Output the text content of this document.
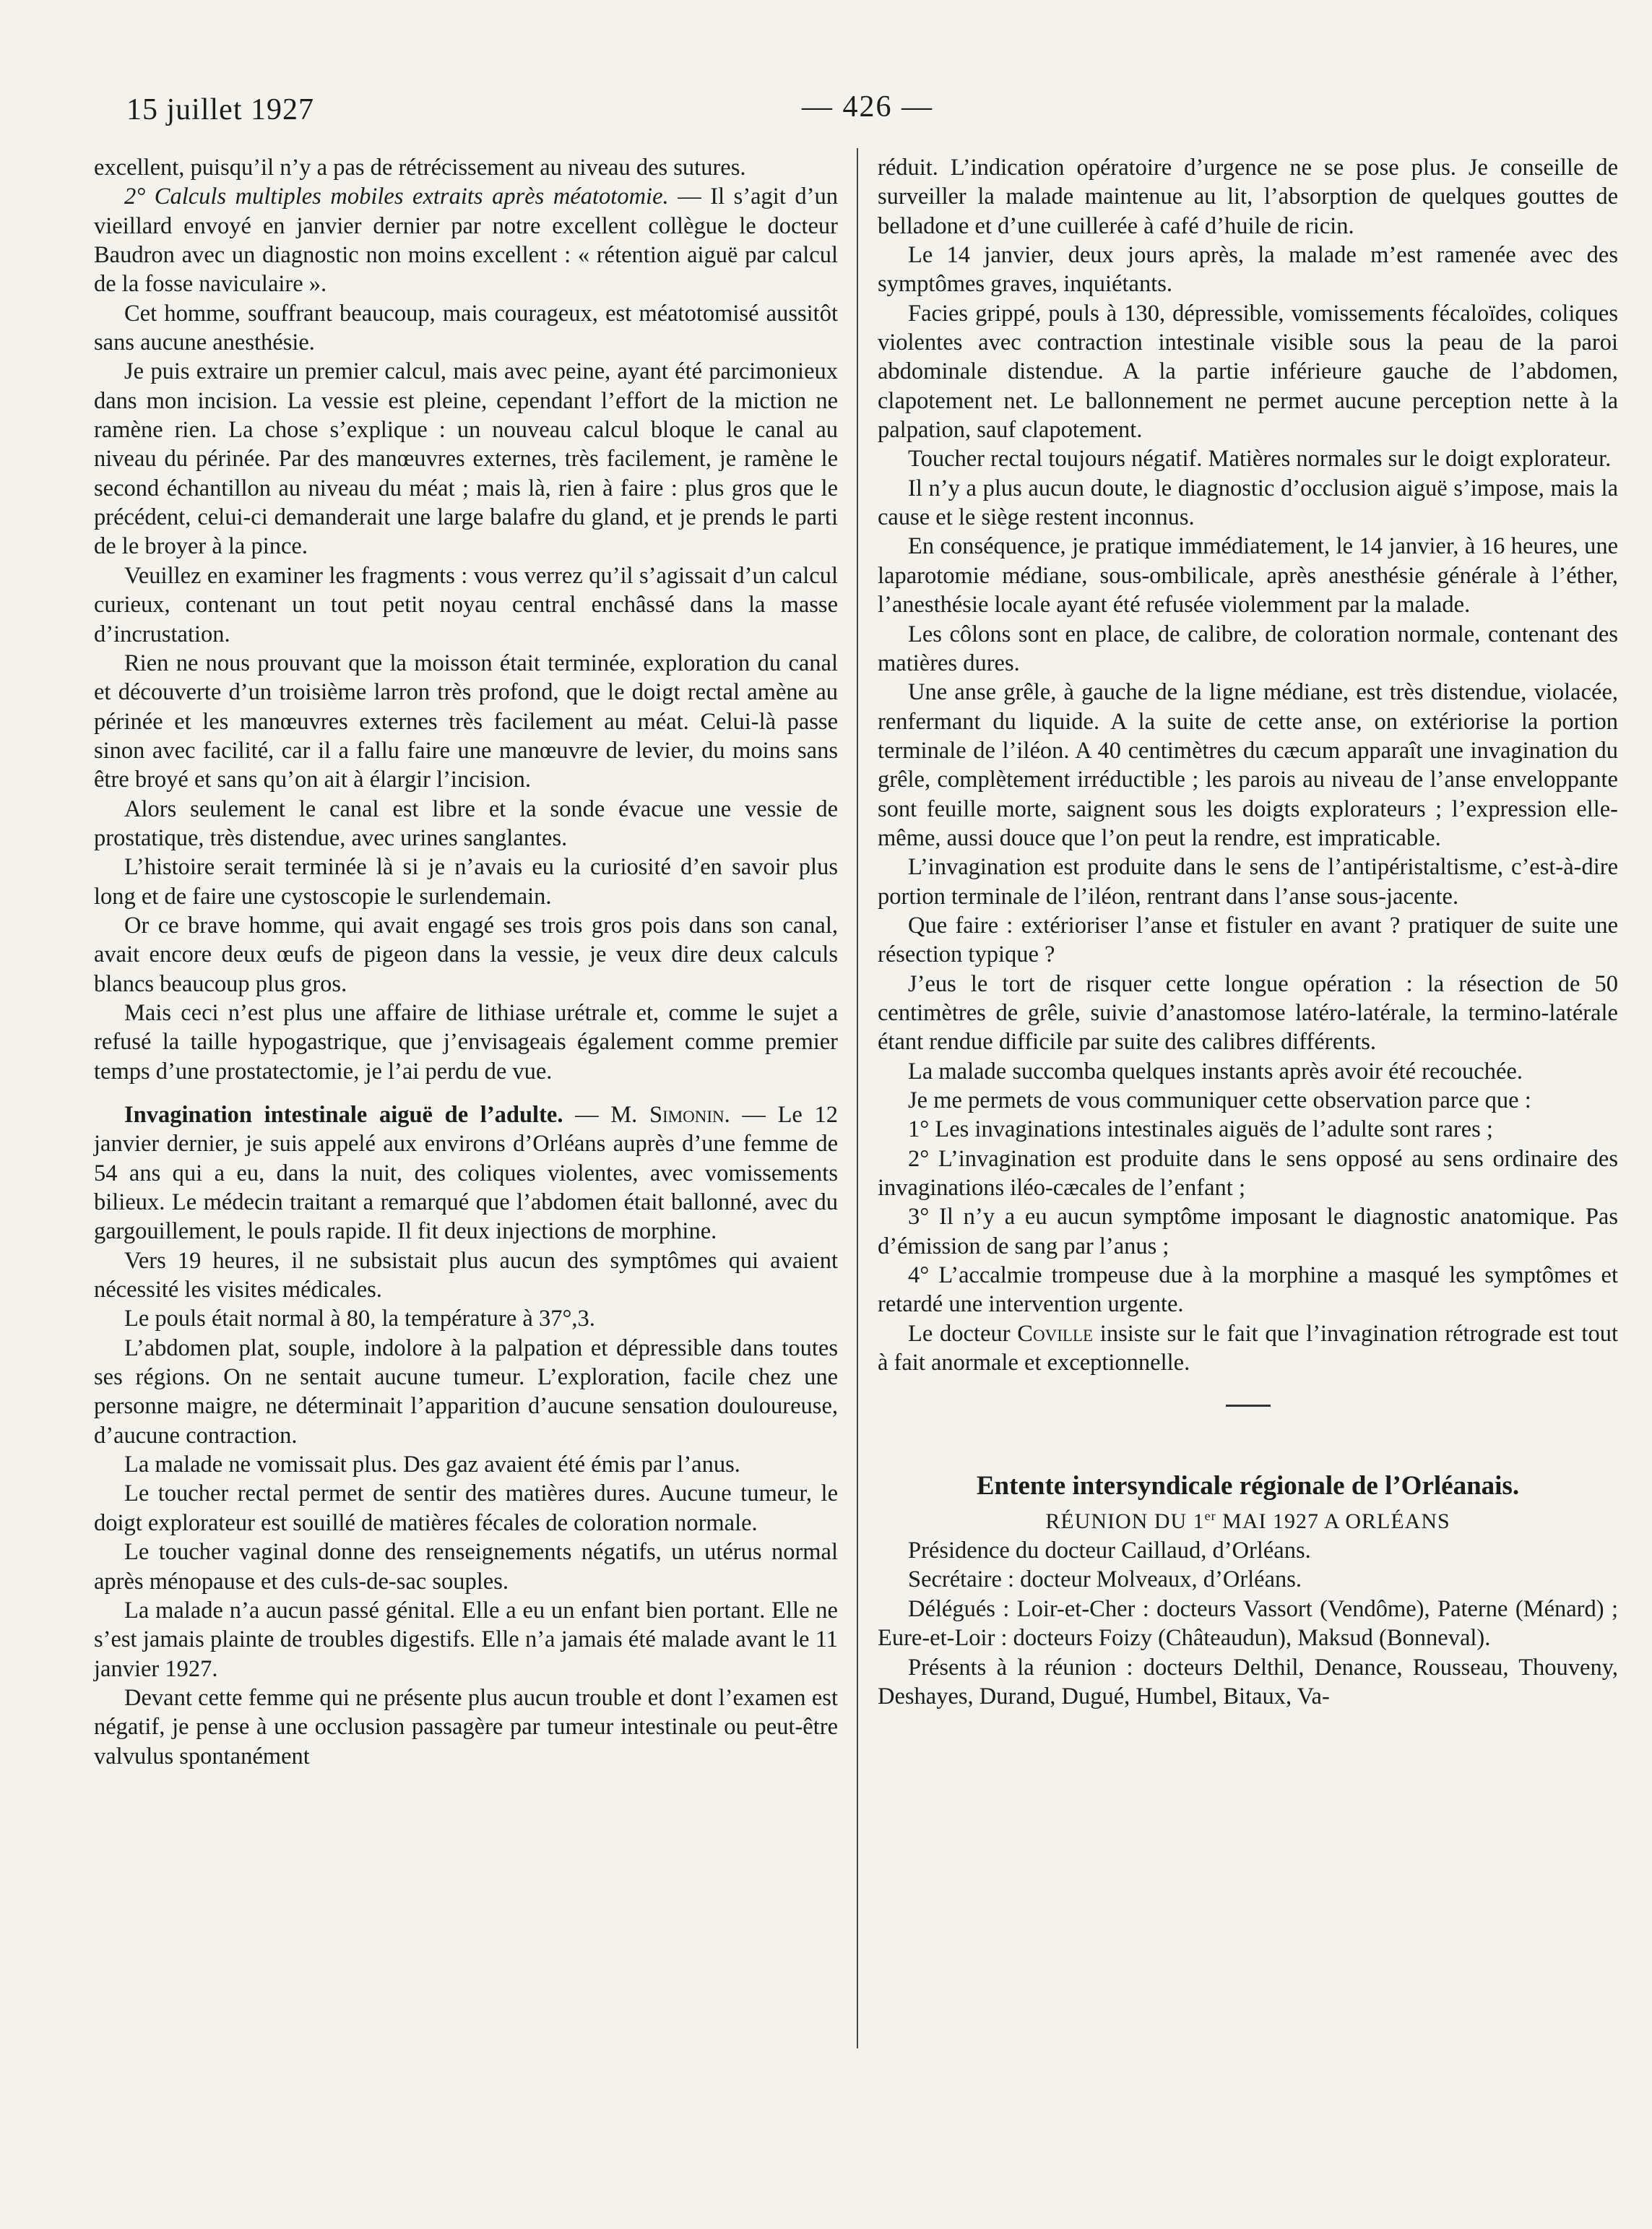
15 juillet 1927	— 426 —

excellent, puisqu’il n’y a pas de rétrécissement au niveau des sutures.

2° Calculs multiples mobiles extraits après méatotomie. — Il s’agit d’un vieillard envoyé en janvier dernier par notre excellent collègue le docteur Baudron avec un diagnostic non moins excellent : « rétention aiguë par calcul de la fosse naviculaire ».

Cet homme, souffrant beaucoup, mais courageux, est méatotomisé aussitôt sans aucune anesthésie.

Je puis extraire un premier calcul, mais avec peine, ayant été parcimonieux dans mon incision. La vessie est pleine, cependant l’effort de la miction ne ramène rien. La chose s’explique : un nouveau calcul bloque le canal au niveau du périnée. Par des manœuvres externes, très facilement, je ramène le second échantillon au niveau du méat ; mais là, rien à faire : plus gros que le précédent, celui-ci demanderait une large balafre du gland, et je prends le parti de le broyer à la pince.

Veuillez en examiner les fragments : vous verrez qu’il s’agissait d’un calcul curieux, contenant un tout petit noyau central enchâssé dans la masse d’incrustation.

Rien ne nous prouvant que la moisson était terminée, exploration du canal et découverte d’un troisième larron très profond, que le doigt rectal amène au périnée et les manœuvres externes très facilement au méat. Celui-là passe sinon avec facilité, car il a fallu faire une manœuvre de levier, du moins sans être broyé et sans qu’on ait à élargir l’incision.

Alors seulement le canal est libre et la sonde évacue une vessie de prostatique, très distendue, avec urines sanglantes.

L’histoire serait terminée là si je n’avais eu la curiosité d’en savoir plus long et de faire une cystoscopie le surlendemain.

Or ce brave homme, qui avait engagé ses trois gros pois dans son canal, avait encore deux œufs de pigeon dans la vessie, je veux dire deux calculs blancs beaucoup plus gros.

Mais ceci n’est plus une affaire de lithiase urétrale et, comme le sujet a refusé la taille hypogastrique, que j’envisageais également comme premier temps d’une prostatectomie, je l’ai perdu de vue.

Invagination intestinale aiguë de l’adulte. — M. Simonin. — Le 12 janvier dernier, je suis appelé aux environs d’Orléans auprès d’une femme de 54 ans qui a eu, dans la nuit, des coliques violentes, avec vomissements bilieux. Le médecin traitant a remarqué que l’abdomen était ballonné, avec du gargouillement, le pouls rapide. Il fit deux injections de morphine.

Vers 19 heures, il ne subsistait plus aucun des symptômes qui avaient nécessité les visites médicales.

Le pouls était normal à 80, la température à 37°,3.

L’abdomen plat, souple, indolore à la palpation et dépressible dans toutes ses régions. On ne sentait aucune tumeur. L’exploration, facile chez une personne maigre, ne déterminait l’apparition d’aucune sensation douloureuse, d’aucune contraction.

La malade ne vomissait plus. Des gaz avaient été émis par l’anus.

Le toucher rectal permet de sentir des matières dures. Aucune tumeur, le doigt explorateur est souillé de matières fécales de coloration normale.

Le toucher vaginal donne des renseignements négatifs, un utérus normal après ménopause et des culs-de-sac souples.

La malade n’a aucun passé génital. Elle a eu un enfant bien portant. Elle ne s’est jamais plainte de troubles digestifs. Elle n’a jamais été malade avant le 11 janvier 1927.

Devant cette femme qui ne présente plus aucun trouble et dont l’examen est négatif, je pense à une occlusion passagère par tumeur intestinale ou peut-être valvulus spontanément

réduit. L’indication opératoire d’urgence ne se pose plus. Je conseille de surveiller la malade maintenue au lit, l’absorption de quelques gouttes de belladone et d’une cuillerée à café d’huile de ricin.

Le 14 janvier, deux jours après, la malade m’est ramenée avec des symptômes graves, inquiétants.

Facies grippé, pouls à 130, dépressible, vomissements fécaloïdes, coliques violentes avec contraction intestinale visible sous la peau de la paroi abdominale distendue. A la partie inférieure gauche de l’abdomen, clapotement net. Le ballonnement ne permet aucune perception nette à la palpation, sauf clapotement.

Toucher rectal toujours négatif. Matières normales sur le doigt explorateur.

Il n’y a plus aucun doute, le diagnostic d’occlusion aiguë s’impose, mais la cause et le siège restent inconnus.

En conséquence, je pratique immédiatement, le 14 janvier, à 16 heures, une laparotomie médiane, sous-ombilicale, après anesthésie générale à l’éther, l’anesthésie locale ayant été refusée violemment par la malade.

Les côlons sont en place, de calibre, de coloration normale, contenant des matières dures.

Une anse grêle, à gauche de la ligne médiane, est très distendue, violacée, renfermant du liquide. A la suite de cette anse, on extériorise la portion terminale de l’iléon. A 40 centimètres du cæcum apparaît une invagination du grêle, complètement irréductible ; les parois au niveau de l’anse enveloppante sont feuille morte, saignent sous les doigts explorateurs ; l’expression elle-même, aussi douce que l’on peut la rendre, est impraticable.

L’invagination est produite dans le sens de l’antipéristaltisme, c’est-à-dire portion terminale de l’iléon, rentrant dans l’anse sous-jacente.

Que faire : extérioriser l’anse et fistuler en avant ? pratiquer de suite une résection typique ?

J’eus le tort de risquer cette longue opération : la résection de 50 centimètres de grêle, suivie d’anastomose latéro-latérale, la termino-latérale étant rendue difficile par suite des calibres différents.

La malade succomba quelques instants après avoir été recouchée.

Je me permets de vous communiquer cette observation parce que :

1° Les invaginations intestinales aiguës de l’adulte sont rares ;

2° L’invagination est produite dans le sens opposé au sens ordinaire des invaginations iléo-cæcales de l’enfant ;

3° Il n’y a eu aucun symptôme imposant le diagnostic anatomique. Pas d’émission de sang par l’anus ;

4° L’accalmie trompeuse due à la morphine a masqué les symptômes et retardé une intervention urgente.

Le docteur Coville insiste sur le fait que l’invagination rétrograde est tout à fait anormale et exceptionnelle.

Entente intersyndicale régionale de l’Orléanais.

RÉUNION DU 1er MAI 1927 A ORLÉANS

Présidence du docteur Caillaud, d’Orléans.

Secrétaire : docteur Molveaux, d’Orléans.

Délégués : Loir-et-Cher : docteurs Vassort (Vendôme), Paterne (Ménard) ; Eure-et-Loir : docteurs Foizy (Châteaudun), Maksud (Bonneval).

Présents à la réunion : docteurs Delthil, Denance, Rousseau, Thouveny, Deshayes, Durand, Dugué, Humbel, Bitaux, Va-
